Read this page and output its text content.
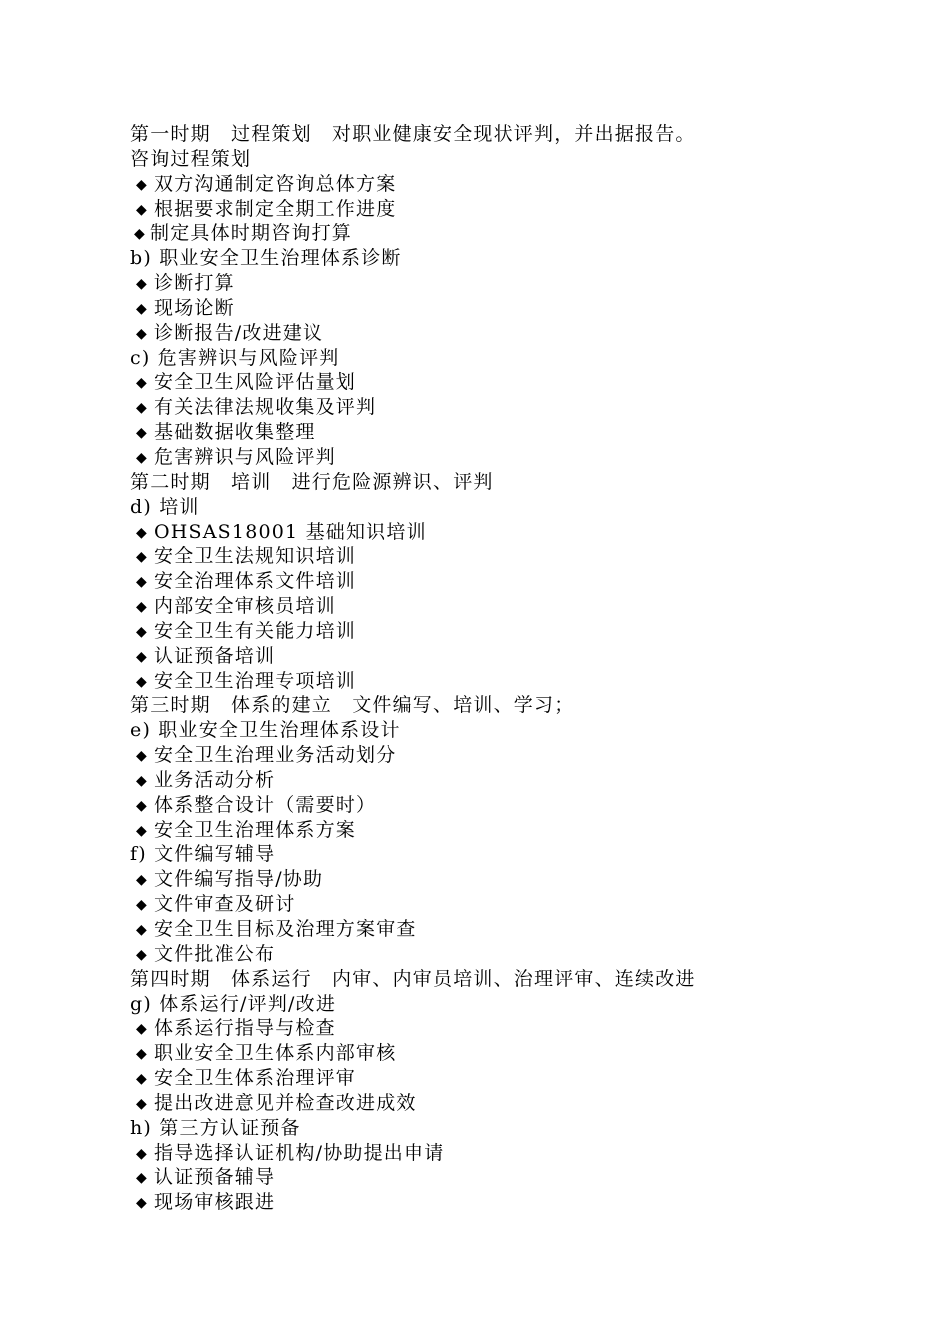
第一时期　过程策划　对职业健康安全现状评判，并出据报告。
咨询过程策划
◆ 双方沟通制定咨询总体方案
◆ 根据要求制定全期工作进度
◆ 制定具体时期咨询打算
b) 职业安全卫生治理体系诊断
◆ 诊断打算
◆ 现场论断
◆ 诊断报告/改进建议
c) 危害辨识与风险评判
◆ 安全卫生风险评估量划
◆ 有关法律法规收集及评判
◆ 基础数据收集整理
◆ 危害辨识与风险评判
第二时期　培训　进行危险源辨识、评判
d) 培训
◆ OHSAS18001 基础知识培训
◆ 安全卫生法规知识培训
◆ 安全治理体系文件培训
◆ 内部安全审核员培训
◆ 安全卫生有关能力培训
◆ 认证预备培训
◆ 安全卫生治理专项培训
第三时期　体系的建立　文件编写、培训、学习；
e) 职业安全卫生治理体系设计
◆ 安全卫生治理业务活动划分
◆ 业务活动分析
◆ 体系整合设计（需要时）
◆ 安全卫生治理体系方案
f) 文件编写辅导
◆ 文件编写指导/协助
◆ 文件审查及研讨
◆ 安全卫生目标及治理方案审查
◆ 文件批准公布
第四时期　体系运行　内审、内审员培训、治理评审、连续改进
g) 体系运行/评判/改进
◆ 体系运行指导与检查
◆ 职业安全卫生体系内部审核
◆ 安全卫生体系治理评审
◆ 提出改进意见并检查改进成效
h) 第三方认证预备
◆ 指导选择认证机构/协助提出申请
◆ 认证预备辅导
◆ 现场审核跟进
